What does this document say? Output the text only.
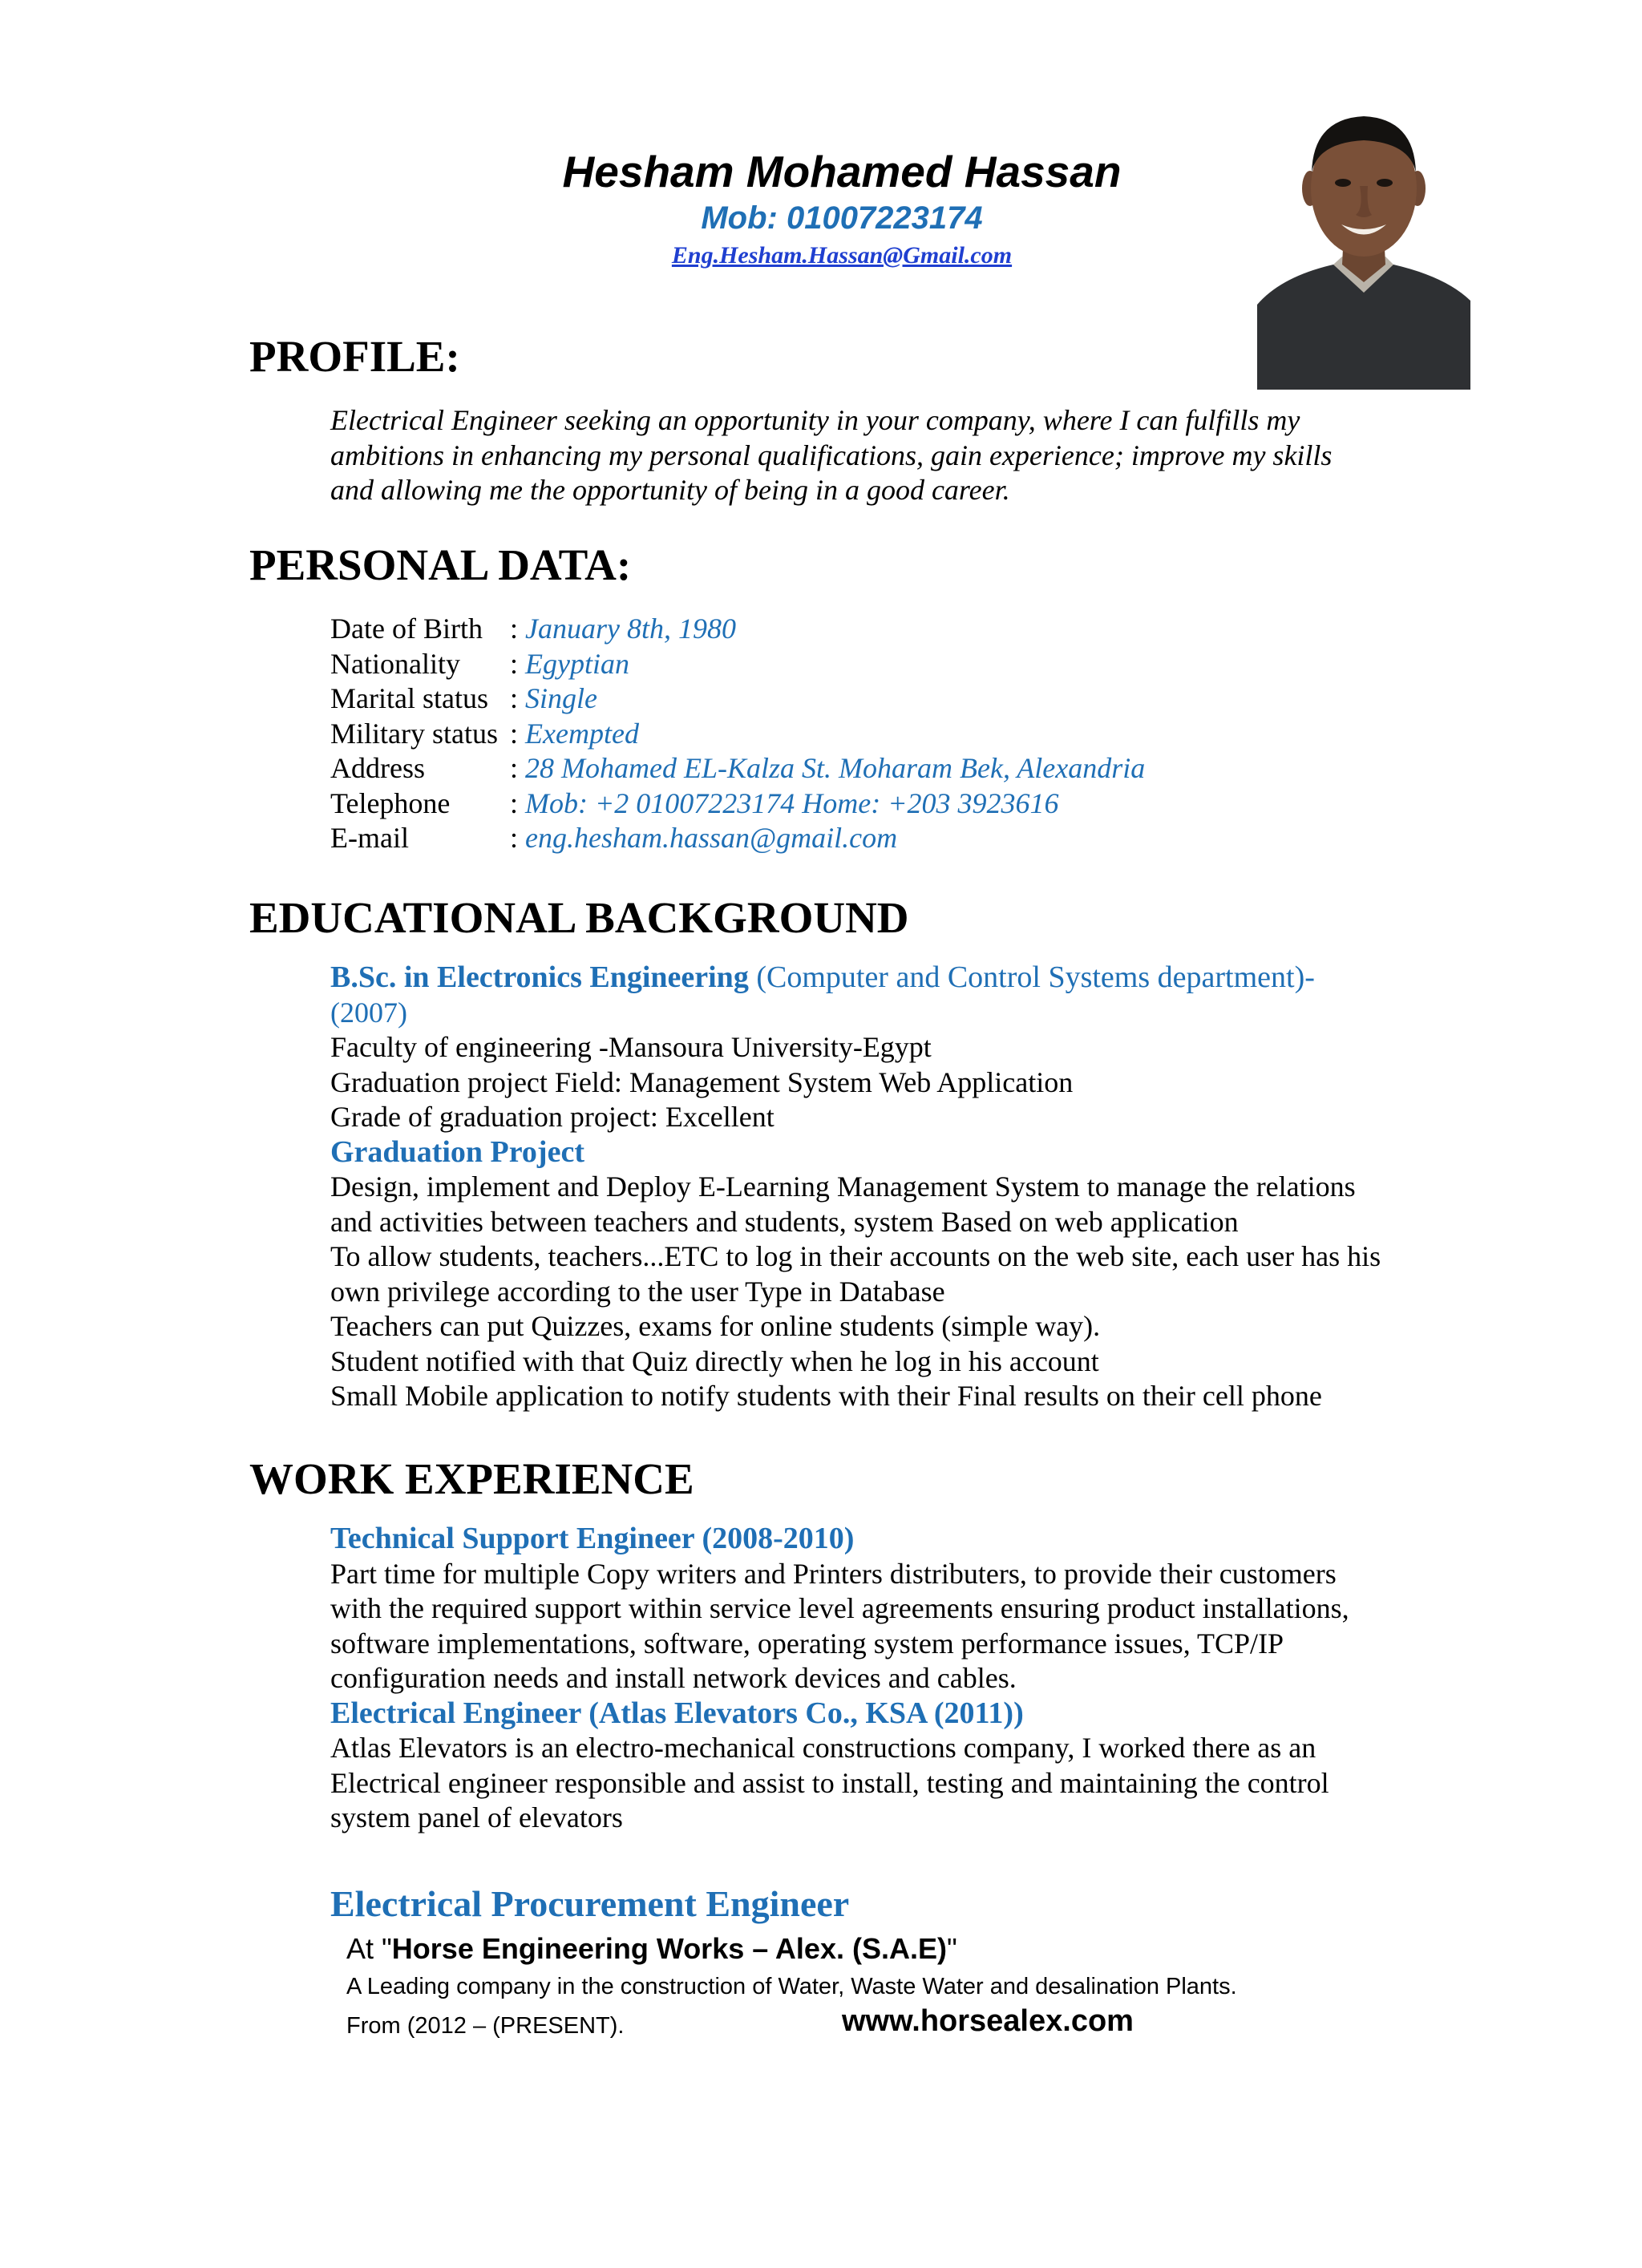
Hesham Mohamed Hassan
Mob: 01007223174
Eng.Hesham.Hassan@Gmail.com
PROFILE:

Electrical Engineer seeking an opportunity in your company, where I can fulfills my

ambitions in enhancing my personal qualifications, gain experience; improve my skills

and allowing me the opportunity of being in a good career.

PERSONAL DATA:
Date of Birth : January 8th, 1980
Nationality : Egyptian
Marital status : Single
Military status : Exempted
Address	: 28 Mohamed EL-Kalza St. Moharam Bek, Alexandria
Telephone : Mob: +2 01007223174 Home: +203 3923616
E-mail	: eng.hesham.hassan@gmail.com
EDUCATIONAL BACKGROUND

B.Sc. in Electronics Engineering (Computer and Control Systems department)-

(2007)

Faculty of engineering -Mansoura University-Egypt

Graduation project Field: Management System Web Application

Grade of graduation project: Excellent

Graduation Project

Design, implement and Deploy E-Learning Management System to manage the relations

and activities between teachers and students, system Based on web application

To allow students, teachers...ETC to log in their accounts on the web site, each user has his

own privilege according to the user Type in Database

Teachers can put Quizzes, exams for online students (simple way).

Student notified with that Quiz directly when he log in his account

Small Mobile application to notify students with their Final results on their cell phone

WORK EXPERIENCE

Technical Support Engineer (2008-2010)

Part time for multiple Copy writers and Printers distributers, to provide their customers

with the required support within service level agreements ensuring product installations,

software implementations, software, operating system performance issues, TCP/IP

configuration needs and install network devices and cables.

Electrical Engineer (Atlas Elevators Co., KSA (2011))

Atlas Elevators is an electro-mechanical constructions company, I worked there as an

Electrical engineer responsible and assist to install, testing and maintaining the control

system panel of elevators

Electrical Procurement Engineer
At "Horse Engineering Works – Alex. (S.A.E)"
A Leading company in the construction of Water, Waste Water and desalination Plants.
From (2012 – (PRESENT).	www.horsealex.com
